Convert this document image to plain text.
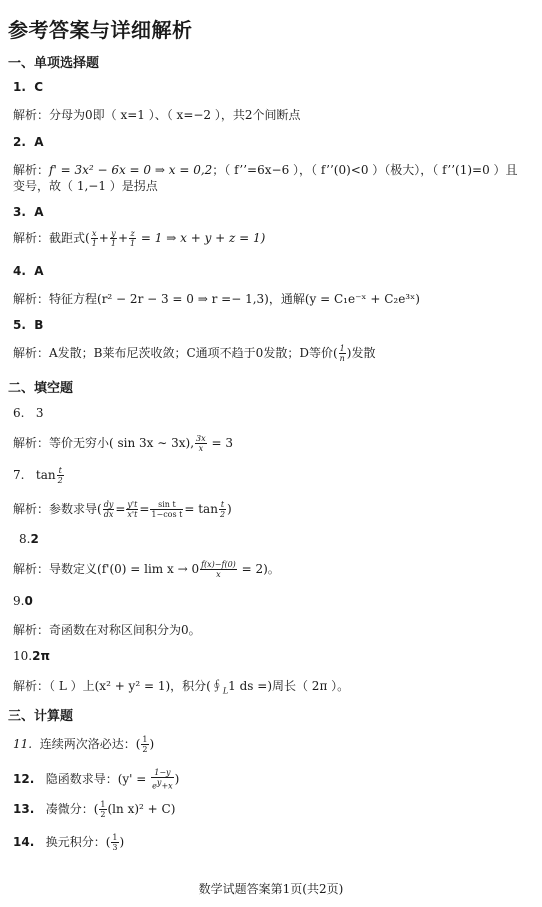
参考答案与详细解析
一、单项选择题
1. C
解析：分母为0即（ x=1 ）、（ x=−2 ），共2个间断点
2. A
解析：f' = 3x² − 6x = 0 ⇒ x = 0,2；（ f’’=6x−6 ），（ f’’(0)<0 ）（极大），（ f’’(1)=0 ）且
变号，故（ 1,−1 ）是拐点
3. A
解析：截距式( $\frac{x}{1} + \frac{y}{1} + \frac{z}{1} = 1$ ⇒ x + y + z = 1)
4. A
解析：特征方程(r² − 2r − 3 = 0 ⇒ r =− 1,3)，通解(y = C₁e⁻ˣ + C₂e³ˣ)
5. B
解析：A发散；B莱布尼茨收敛；C通项不趋于0发散；D等价( $\frac{1}{n}$ )发散
二、填空题
6. 3
解析：等价无穷小( sin 3x ∼ 3x), $\frac{3x}{x} = 3$
7. $\tan \frac{t}{2}$
解析：参数求导( $\frac{dy}{dx} = \frac{y't}{x't} = \frac{\text{sin t}}{\text{1−cos t}} = \tan \frac{t}{2}$ )
8.2
解析：导数定义$(f'(0) = \lim x \to 0 \frac{f(x)-f(0)}{x} = 2)$。
9.0
解析：奇函数在对称区间积分为0。
10.2π
解析：（ L ）上(x² + y² = 1)，积分($∮_L1$ ds =)周长（ 2π ）。
三、计算题
11. 连续两次洛必达：( $\frac{1}{2}$ )
12. 隐函数求导：($y' = \frac{1-y}{e^y+x}$ )
13. 凑微分：( $\frac{1}{2} (\ln$ x)² + C)
14. 换元积分：( $\frac{1}{3}$ )
数学试题答案第1页(共2页)
